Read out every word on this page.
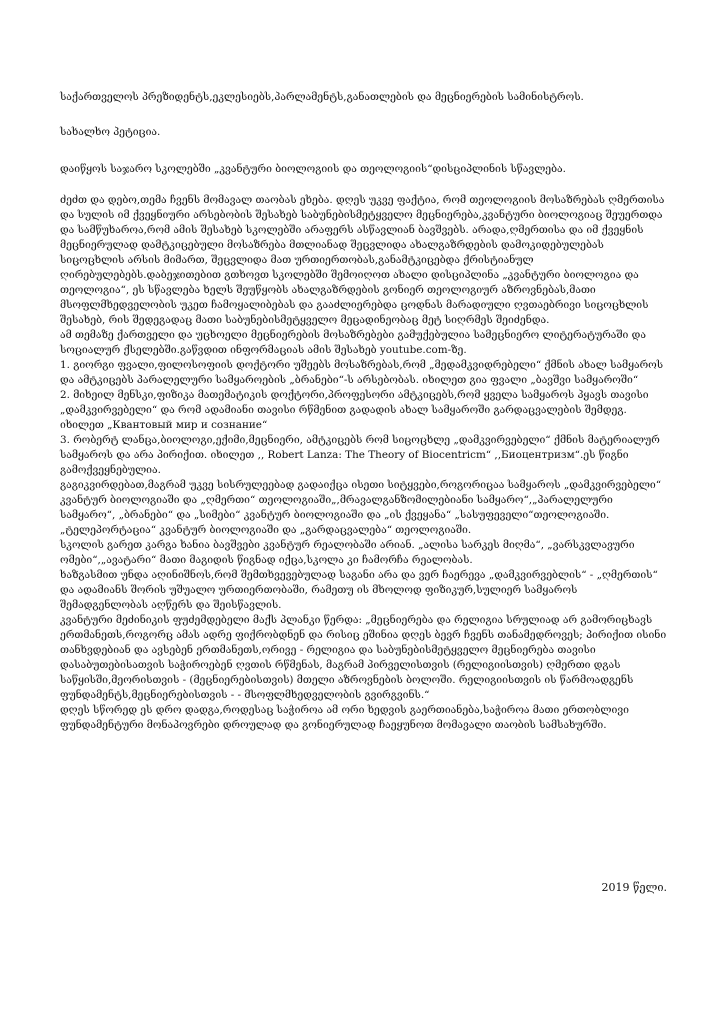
საქართველოს პრეზიდენტს,ეკლესიებს,პარლამენტს,განათლების და მეცნიერების სამინისტროს.

სახალხო პეტიცია.

დაიწყოს საჯარო სკოლებში „კვანტური ბიოლოგიის და თეოლოგიის“დისციპლინის სწავლება.

ძეძთ და დებო,თემა ჩვენს მომავალ თაობას ეხება. დღეს უკვე ფაქტია, რომ თეოლოგიის მოსაზრებას ღმერთისა და სულის იმ ქვეყნიური არსებობის შესახებ საბუნებისმეტყველო მეცნიერება,კვანტური ბიოლოგიაც შეუერთდა და სამწუხაროა,რომ ამის შესახებ სკოლებში არაფერს ასწავლიან ბავშვებს. არადა,ღმერთისა და იმ ქვეყნის მეცნიერულად დამტკიცებული მოსაზრება მთლიანად შეცვლიდა ახალგაზრდების დამოკიდებულებას სიცოცხლის არსის მიმართ, შეცვლიდა მათ ურთიერთობას,განამტკიცებდა ქრისტიანულ ღირებულებებს.დაბეჯითებით გთხოვთ სკოლებში შემოიღოთ ახალი დისციპლინა „კვანტური ბიოლოგია და თეოლოგია“, ეს სწავლება ხელს შეუწყობს ახალგაზრდების გონიერ თეოლოგიურ აზროვნებას,მათი მსოფლმხედველობის უკეთ ჩამოყალიბებას და გააძლიერებდა ცოდნას მარადიული ღვთაებრივი სიცოცხლის შესახებ, რის შედეგადაც მათი საბუნებისმეტყველო მეცადინეობაც მეტ სიღრმეს შეიძენდა.

ამ თემაზე ქართველი და უცხოელი მეცნიერების მოსაზრებები გამუქებულია სამეცნიერო ლიტერატურაში და სოციალურ ქსელებში.გაწვდით ინფორმაციას ამის შესახებ youtube.com-ზე.

1. გიორგი ფვალი,ფილოსოფიის დოქტორი უშეებს მოსაზრებას,რომ „მედამკვიდრებელი“ ქმნის ახალ სამყაროს და ამტკიცებს პარალელური სამყაროების „ბრანები“-ს არსებობას. იხილეთ გია ფვალი „ბავშვი სამყაროში“

2. მიხეილ მენსკი,ფიზიკა მათემატიკის დოქტორი,პროფესორი ამტკიცებს,რომ ყველა სამყაროს პყავს თავისი „დამკვირვებელი“ და რომ ადამიანი თავისი რწმენით გადადის ახალ სამყაროში გარდაცვალების შემდეგ. იხილეთ „Квантовый мир и сознание“

3. რობერტ ლანცა,ბიოლოგი,ექიმი,მეცნიერი, ამტკიცებს რომ სიცოცხლე „დამკვირვებელი“ ქმნის მატერიალურ სამყაროს და არა პირიქით. იხილეთ ,, Robert Lanza: The Theory of Biocentricm“ ,,Биоцентризм“.ეს წიგნი გამოქვეყნებულია.

გაგიკვირდებათ,მაგრამ უკვე სისრულეებად გადაიქცა ისეთი სიტყვები,როგორიცაა სამყაროს „დამკვირვებელი“ კვანტურ ბიოლოგიაში და „ღმერთი“ თეოლოგიაში„,მრავალგანზომილებიანი სამყარო“,„პარალელური სამყარო“, „ბრანები“ და „სიმები“ კვანტურ ბიოლოგიაში და „ის ქვეყანა“ „სასუფეველი“თეოლოგიაში. „ტელეპორტაცია“ კვანტურ ბიოლოგიაში და „გარდაცვალება“ თეოლოგიაში.

სკოლის გარეთ კარგა ხანია ბავშვები კვანტურ რეალობაში არიან. „ალისა სარკეს მიღმა“, „ვარსკვლავური ომები“,„ავატარი“ მათი მაგიდის წიგნად იქცა,სკოლა კი ჩამორჩა რეალობას.

ხაზგასმით უნდა აღინიშნოს,რომ შემთხვევებულად საგანი არა და ვერ ჩაერევა „დამკვირვებლის“ - „ღმერთის“ და ადამიანს შორის უშუალო ურთიერთობაში, რამეთუ ის მხოლოდ ფიზიკურ,სულიერ სამყაროს შემადგენლობას აღწერს და შეისწავლის.

კვანტური მეძინიკის ფუძემდებელი მაქს პლანკი წერდა: „მეცნიერება და რელიგია სრულიად არ გამორიცხავს ერთმანეთს,როგორც ამას ადრე ფიქრობდნენ და რისიც ეშინია დღეს ბევრ ჩვენს თანამედროვეს; პირიქით ისინი თანხვდებიან და ავსებენ ერთმანეთს,ორივე - რელიგია და საბუნებისმეტყველო მეცნიერება თავისი დასაბუთებისათვის საჭიროებენ ღვთის რწმენას, მაგრამ პირველისთვის (რელიგიისთვის) ღმერთი დგას საწყისში,მეორისთვის - (მეცნიერებისთვის) მთელი აზროვნების ბოლოში. რელიგიისთვის ის წარმოადგენს ფუნდამენტს,მეცნიერებისთვის - - მსოფლმხედველობის გვირგვინს.“

დღეს სწორედ ეს დრო დადგა,როდესაც საჭიროა ამ ორი ხედვის გაერთიანება,საჭიროა მათი ერთობლივი ფუნდამენტური მონაპოვრები დროულად და გონიერულად ჩაეყუნოთ მომავალი თაობის სამსახურში.

2019 წელი.
